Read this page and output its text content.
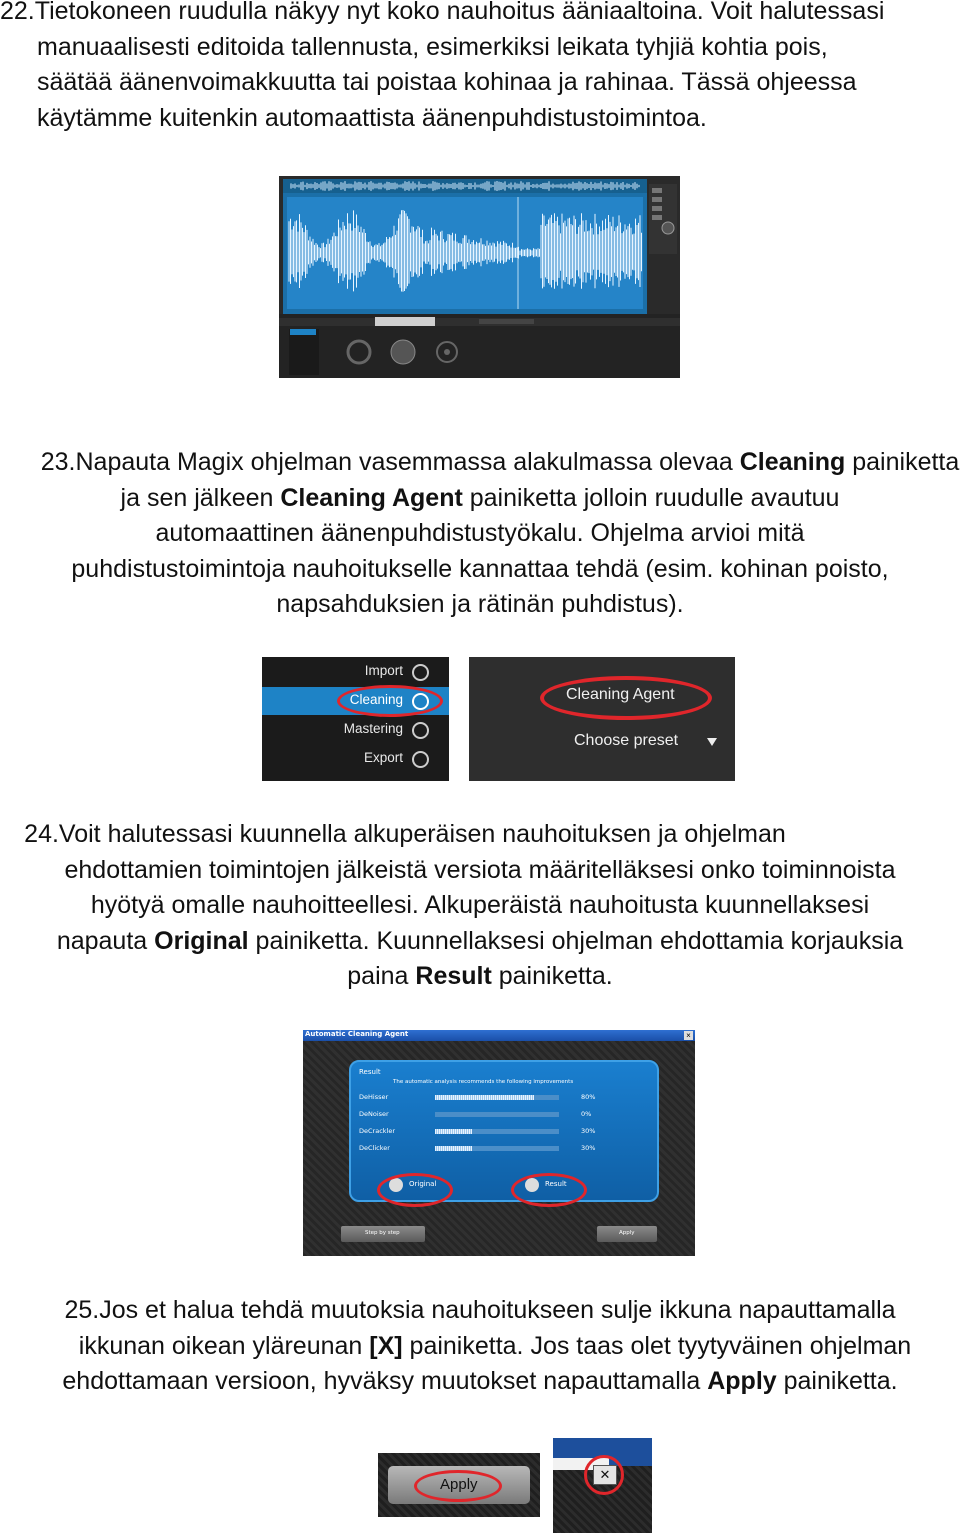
22.Tietokoneen ruudulla näkyy nyt koko nauhoitus ääniaaltoina. Voit halutessasi
manuaalisesti editoida tallennusta, esimerkiksi leikata tyhjiä kohtia pois,
säätää äänenvoimakkuutta tai poistaa kohinaa ja rahinaa. Tässä ohjeessa
käytämme kuitenkin automaattista äänenpuhdistustoimintoa.
23.Napauta Magix ohjelman vasemmassa alakulmassa olevaa Cleaning painiketta
ja sen jälkeen Cleaning Agent painiketta jolloin ruudulle avautuu
automaattinen äänenpuhdistustyökalu. Ohjelma arvioi mitä
puhdistustoimintoja nauhoitukselle kannattaa tehdä (esim. kohinan poisto,
napsahduksien ja rätinän puhdistus).
Import
Cleaning
Mastering
Export
Cleaning Agent
Choose preset
24.Voit halutessasi kuunnella alkuperäisen nauhoituksen ja ohjelman
ehdottamien toimintojen jälkeistä versiota määritelläksesi onko toiminnoista
hyötyä omalle nauhoitteellesi. Alkuperäistä nauhoitusta kuunnellaksesi
napauta Original painiketta. Kuunnellaksesi ohjelman ehdottamia korjauksia
paina Result painiketta.
Automatic Cleaning Agent	×
Result
The automatic analysis recommends the following improvements
DeHisser	80%
DeNoiser	0%
DeCrackler	30%
DeClicker	30%
Original	Result
Step by step	Apply
25.Jos et halua tehdä muutoksia nauhoitukseen sulje ikkuna napauttamalla
ikkunan oikean yläreunan [X] painiketta. Jos taas olet tyytyväinen ohjelman
ehdottamaan versioon, hyväksy muutokset napauttamalla Apply painiketta.
Apply
✕
